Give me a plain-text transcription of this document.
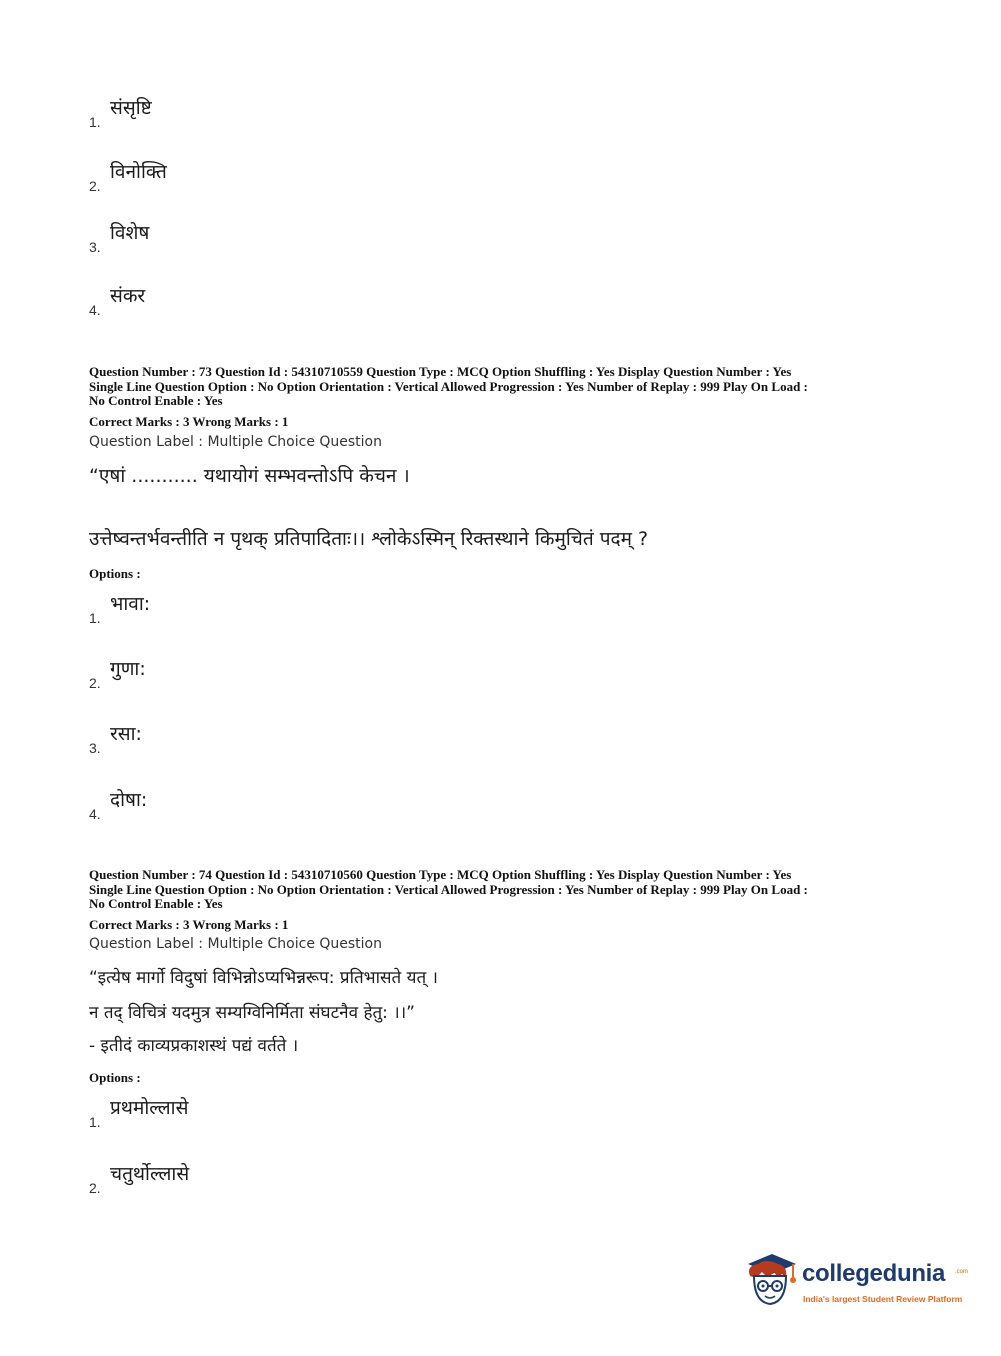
1.
संसृष्टि
2.
विनोक्ति
3.
विशेष
4.
संकर
Question Number : 73 Question Id : 54310710559 Question Type : MCQ Option Shuffling : Yes Display Question Number : Yes
Single Line Question Option : No Option Orientation : Vertical Allowed Progression : Yes Number of Replay : 999 Play On Load :
No Control Enable : Yes
Correct Marks : 3 Wrong Marks : 1
Question Label : Multiple Choice Question
“एषां ........... यथायोगं सम्भवन्तोऽपि केचन ।
उत्तेष्वन्तर्भवन्तीति न पृथक् प्रतिपादिताः।। श्लोकेऽस्मिन् रिक्तस्थाने किमुचितं पदम् ?
Options :
1.
भावा:
2.
गुणा:
3.
रसा:
4.
दोषा:
Question Number : 74 Question Id : 54310710560 Question Type : MCQ Option Shuffling : Yes Display Question Number : Yes
Single Line Question Option : No Option Orientation : Vertical Allowed Progression : Yes Number of Replay : 999 Play On Load :
No Control Enable : Yes
Correct Marks : 3 Wrong Marks : 1
Question Label : Multiple Choice Question
“इत्येष मार्गो विदुषां विभिन्नोऽप्यभिन्नरूप: प्रतिभासते यत् ।
न तद् विचित्रं यदमुत्र सम्यग्विनिर्मिता संघटनैव हेतु: ।।”
- इतीदं काव्यप्रकाशस्थं पद्यं वर्तते ।
Options :
1.
प्रथमोल्लासे
2.
चतुर्थोल्लासे
collegedunia .com
India's largest Student Review Platform
